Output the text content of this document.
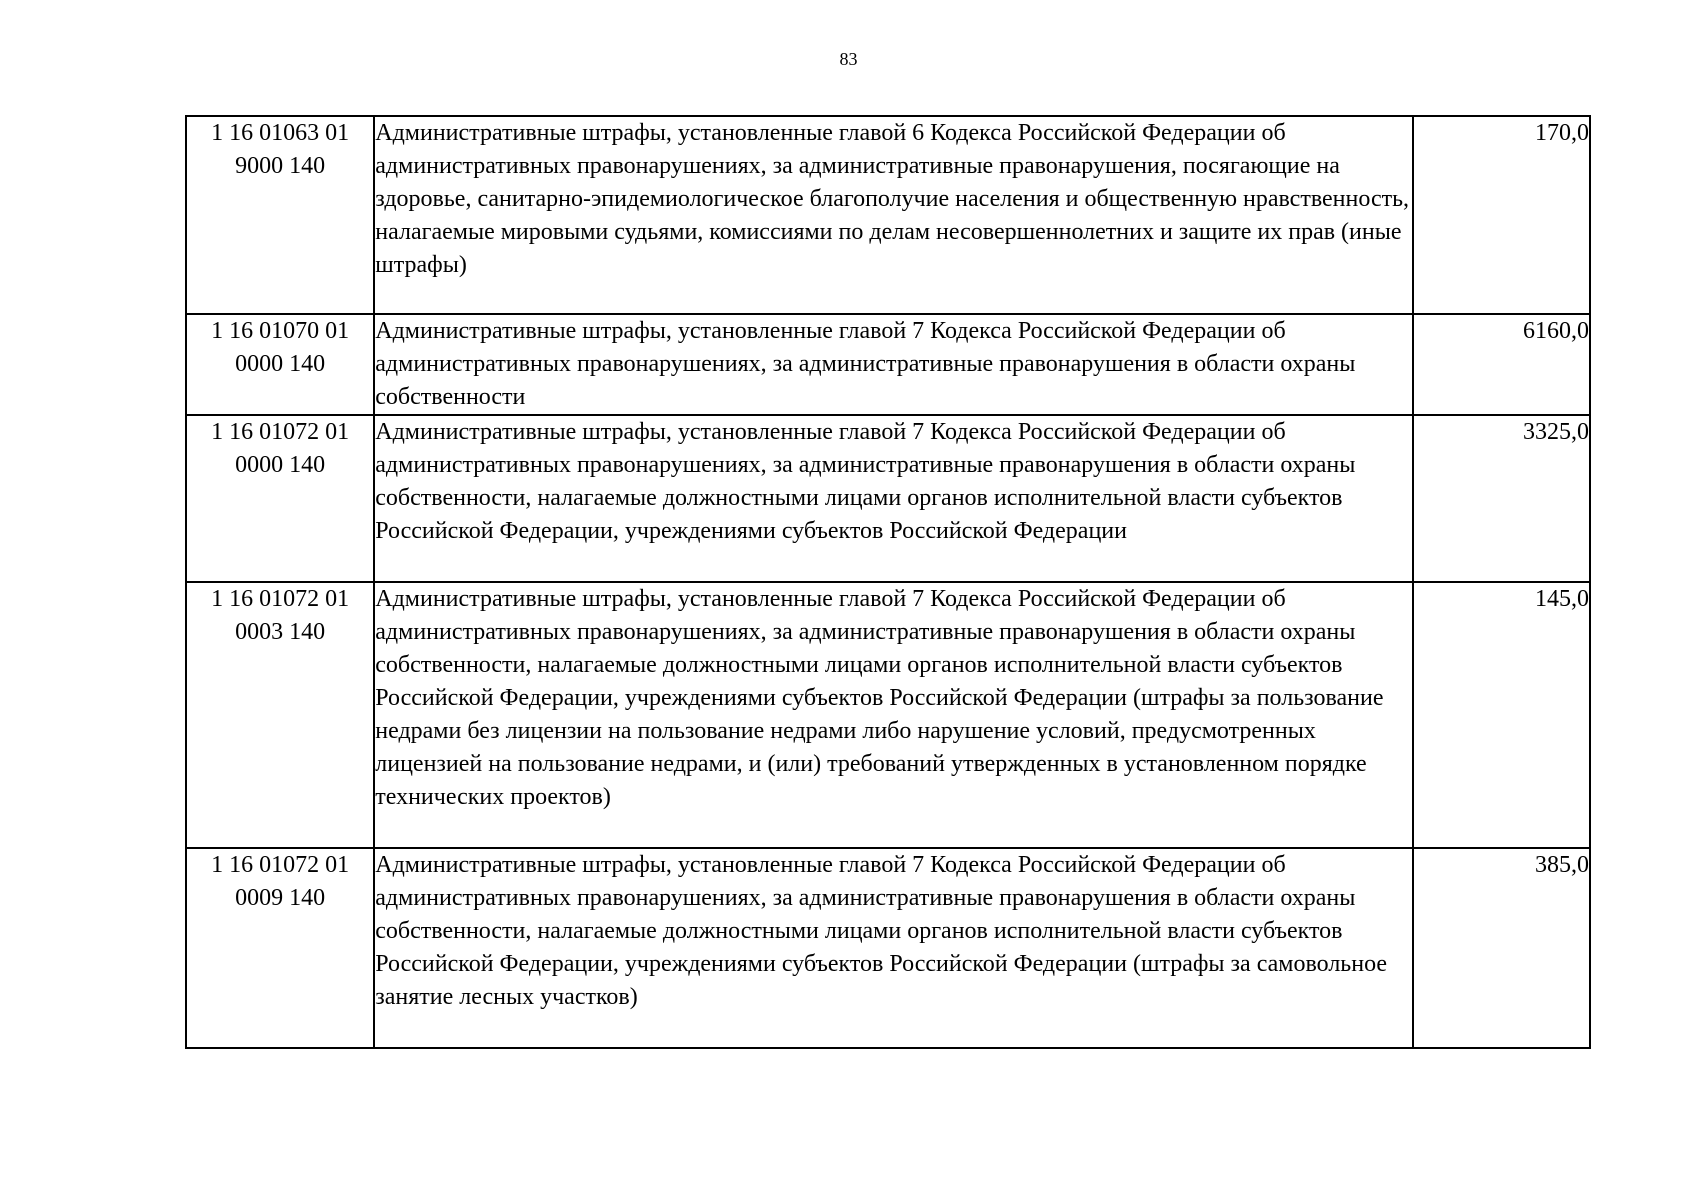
83
1 16 01063 01
9000 140	Административные штрафы, установленные главой 6 Кодекса Российской Федерации об административных правонарушениях, за административные правонарушения, посягающие на здоровье, санитарно-эпидемиологическое благополучие населения и общественную нравственность, налагаемые мировыми судьями, комиссиями по делам несовершеннолетних и защите их прав (иные штрафы)	170,0

1 16 01070 01
0000 140	Административные штрафы, установленные главой 7 Кодекса Российской Федерации об административных правонарушениях, за административные правонарушения в области охраны собственности	6160,0

1 16 01072 01
0000 140	Административные штрафы, установленные главой 7 Кодекса Российской Федерации об административных правонарушениях, за административные правонарушения в области охраны собственности, налагаемые должностными лицами органов исполнительной власти субъектов Российской Федерации, учреждениями субъектов Российской Федерации	3325,0

1 16 01072 01
0003 140	Административные штрафы, установленные главой 7 Кодекса Российской Федерации об административных правонарушениях, за административные правонарушения в области охраны собственности, налагаемые должностными лицами органов исполнительной власти субъектов Российской Федерации, учреждениями субъектов Российской Федерации (штрафы за пользование недрами без лицензии на пользование недрами либо нарушение условий, предусмотренных лицензией на пользование недрами, и (или) требований утвержденных в установленном порядке технических проектов)	145,0

1 16 01072 01
0009 140	Административные штрафы, установленные главой 7 Кодекса Российской Федерации об административных правонарушениях, за административные правонарушения в области охраны собственности, налагаемые должностными лицами органов исполнительной власти субъектов Российской Федерации, учреждениями субъектов Российской Федерации (штрафы за самовольное занятие лесных участков)	385,0
